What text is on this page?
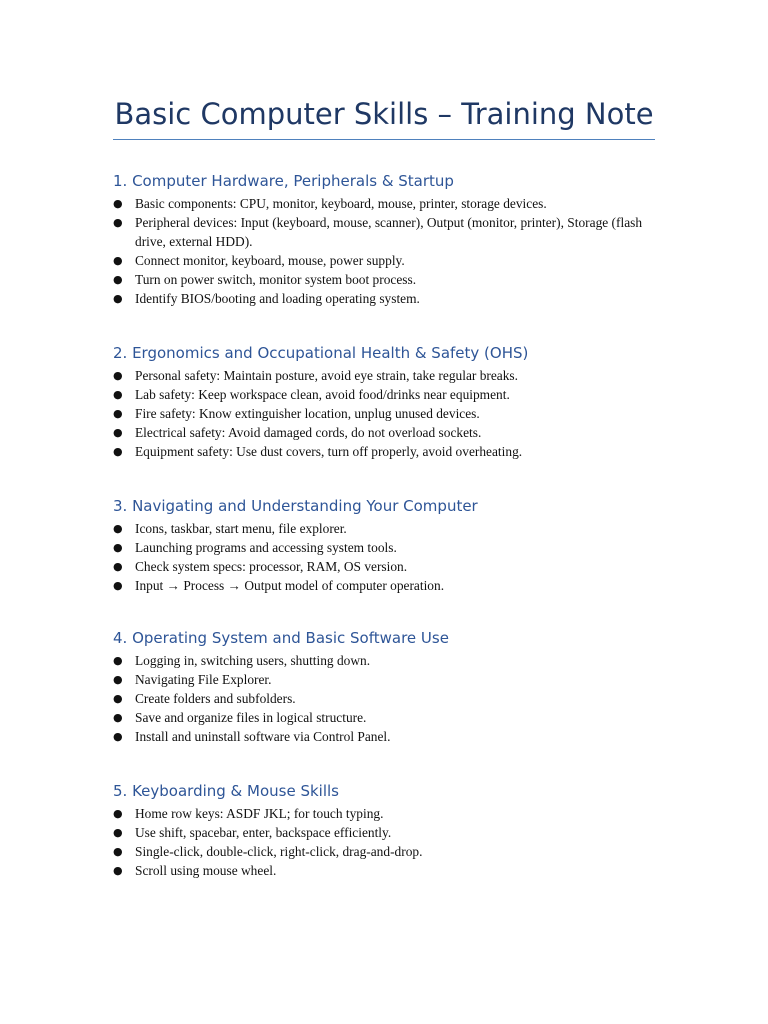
Basic Computer Skills – Training Note
1. Computer Hardware, Peripherals & Startup
● Basic components: CPU, monitor, keyboard, mouse, printer, storage devices.
● Peripheral devices: Input (keyboard, mouse, scanner), Output (monitor, printer), Storage (flash drive, external HDD).
● Connect monitor, keyboard, mouse, power supply.
● Turn on power switch, monitor system boot process.
● Identify BIOS/booting and loading operating system.
2. Ergonomics and Occupational Health & Safety (OHS)
● Personal safety: Maintain posture, avoid eye strain, take regular breaks.
● Lab safety: Keep workspace clean, avoid food/drinks near equipment.
● Fire safety: Know extinguisher location, unplug unused devices.
● Electrical safety: Avoid damaged cords, do not overload sockets.
● Equipment safety: Use dust covers, turn off properly, avoid overheating.
3. Navigating and Understanding Your Computer
● Icons, taskbar, start menu, file explorer.
● Launching programs and accessing system tools.
● Check system specs: processor, RAM, OS version.
● Input → Process → Output model of computer operation.
4. Operating System and Basic Software Use
● Logging in, switching users, shutting down.
● Navigating File Explorer.
● Create folders and subfolders.
● Save and organize files in logical structure.
● Install and uninstall software via Control Panel.
5. Keyboarding & Mouse Skills
● Home row keys: ASDF JKL; for touch typing.
● Use shift, spacebar, enter, backspace efficiently.
● Single-click, double-click, right-click, drag-and-drop.
● Scroll using mouse wheel.
